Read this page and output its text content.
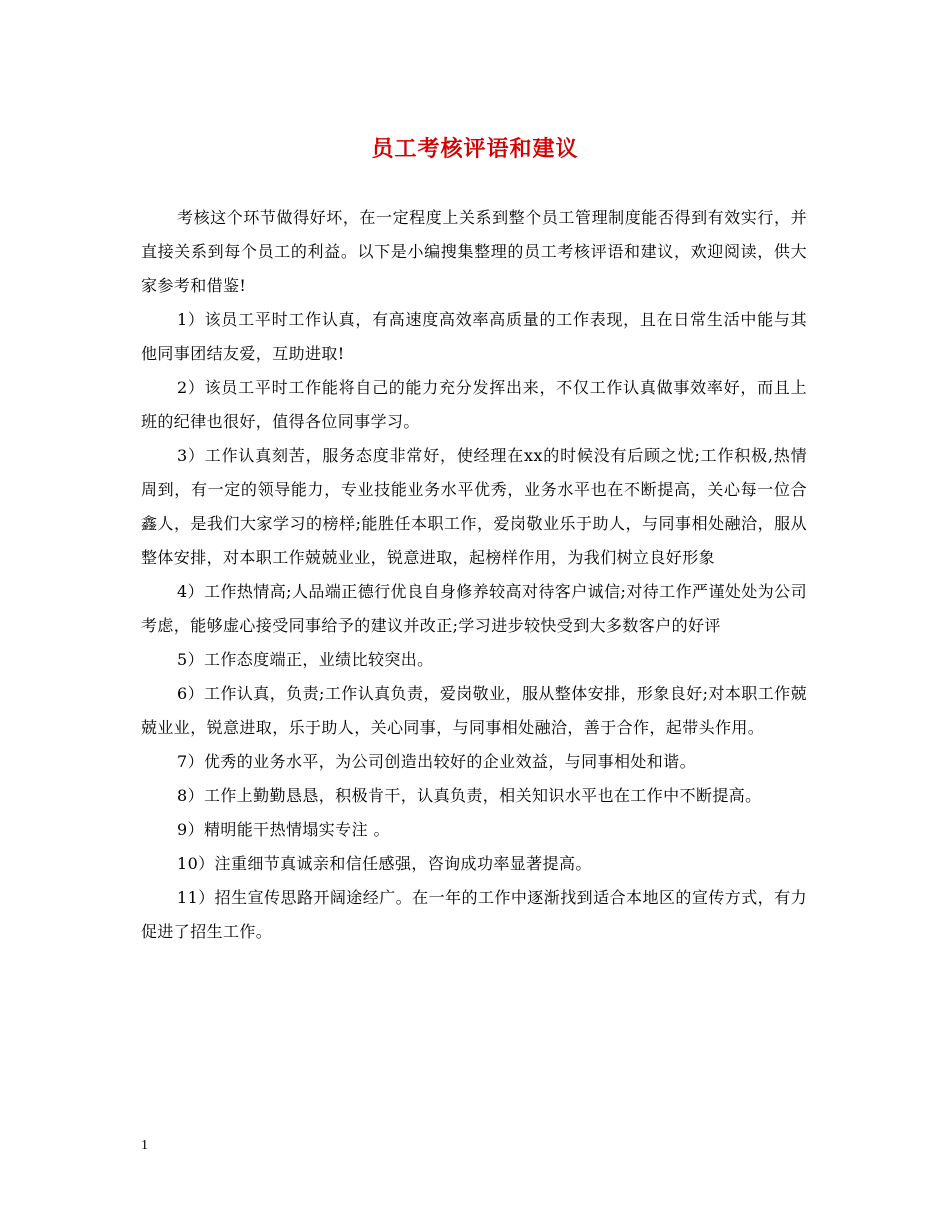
员工考核评语和建议

考核这个环节做得好坏，在一定程度上关系到整个员工管理制度能否得到有效实行，并直接关系到每个员工的利益。以下是小编搜集整理的员工考核评语和建议，欢迎阅读，供大家参考和借鉴!

1）该员工平时工作认真，有高速度高效率高质量的工作表现，且在日常生活中能与其他同事团结友爱，互助进取!

2）该员工平时工作能将自己的能力充分发挥出来，不仅工作认真做事效率好，而且上班的纪律也很好，值得各位同事学习。

3）工作认真刻苦，服务态度非常好，使经理在xx的时候没有后顾之忧;工作积极,热情周到，有一定的领导能力，专业技能业务水平优秀，业务水平也在不断提高，关心每一位合鑫人，是我们大家学习的榜样;能胜任本职工作，爱岗敬业乐于助人，与同事相处融洽，服从整体安排，对本职工作兢兢业业，锐意进取，起榜样作用，为我们树立良好形象

4）工作热情高;人品端正德行优良自身修养较高对待客户诚信;对待工作严谨处处为公司考虑，能够虚心接受同事给予的建议并改正;学习进步较快受到大多数客户的好评

5）工作态度端正，业绩比较突出。

6）工作认真，负责;工作认真负责，爱岗敬业，服从整体安排，形象良好;对本职工作兢兢业业，锐意进取，乐于助人，关心同事，与同事相处融洽，善于合作，起带头作用。

7）优秀的业务水平，为公司创造出较好的企业效益，与同事相处和谐。

8）工作上勤勤恳恳，积极肯干，认真负责，相关知识水平也在工作中不断提高。

9）精明能干热情塌实专注 。

10）注重细节真诚亲和信任感强，咨询成功率显著提高。

11）招生宣传思路开阔途经广。在一年的工作中逐渐找到适合本地区的宣传方式，有力促进了招生工作。

1
